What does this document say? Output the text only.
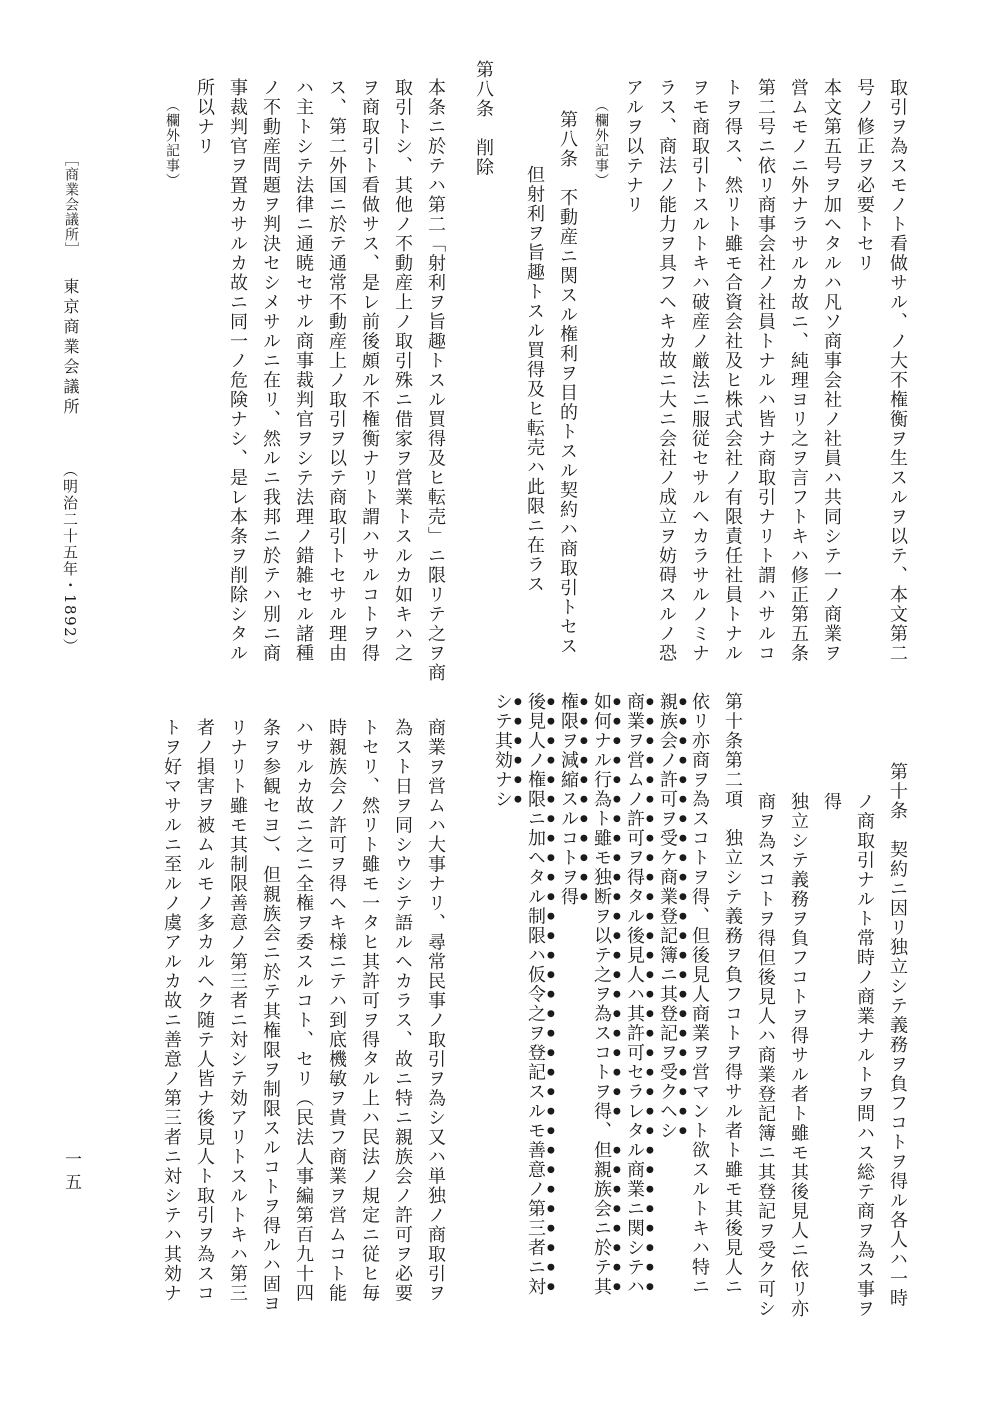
取引ヲ為スモノト看做サル、ノ大不権衡ヲ生スルヲ以テ、本文第二
号ノ修正ヲ必要トセリ
本文第五号ヲ加ヘタルハ凡ソ商事会社ノ社員ハ共同シテ一ノ商業ヲ
営ムモノニ外ナラサルカ故ニ、純理ヨリ之ヲ言フトキハ修正第五条
第二号ニ依リ商事会社ノ社員トナルハ皆ナ商取引ナリト謂ハサルコ
トヲ得ス、然リト雖モ合資会社及ヒ株式会社ノ有限責任社員トナル
ヲモ商取引トスルトキハ破産ノ厳法ニ服従セサルヘカラサルノミナ
ラス、商法ノ能力ヲ具フヘキカ故ニ大ニ会社ノ成立ヲ妨碍スルノ恐
アルヲ以テナリ
（欄外記事）
第八条　不動産ニ関スル権利ヲ目的トスル契約ハ商取引トセス
但射利ヲ旨趣トスル買得及ヒ転売ハ此限ニ在ラス
第八条　削除
本条ニ於テハ第二「射利ヲ旨趣トスル買得及ヒ転売」ニ限リテ之ヲ商
取引トシ、其他ノ不動産上ノ取引殊ニ借家ヲ営業トスルカ如キハ之
ヲ商取引ト看做サス、是レ前後頗ル不権衡ナリト謂ハサルコトヲ得
ス、第二外国ニ於テ通常不動産上ノ取引ヲ以テ商取引トセサル理由
ハ主トシテ法律ニ通暁セサル商事裁判官ヲシテ法理ノ錯雑セル諸種
ノ不動産問題ヲ判決セシメサルニ在リ、然ルニ我邦ニ於テハ別ニ商
事裁判官ヲ置カサルカ故ニ同一ノ危険ナシ、是レ本条ヲ削除シタル
所以ナリ
（欄外記事）
第十条　契約ニ因リ独立シテ義務ヲ負フコトヲ得ル各人ハ一時
ノ商取引ナルト常時ノ商業ナルトヲ問ハス総テ商ヲ為ス事ヲ
得
独立シテ義務ヲ負フコトヲ得サル者ト雖モ其後見人ニ依リ亦
商ヲ為スコトヲ得但後見人ハ商業登記簿ニ其登記ヲ受ク可シ
第十条第二項　独立シテ義務ヲ負フコトヲ得サル者ト雖モ其後見人ニ
依リ亦商ヲ為スコトヲ得、但後見人商業ヲ営マント欲スルトキハ特ニ
親族会ノ許可ヲ受ケ商業登記簿ニ其登記ヲ受クヘシ
商業ヲ営ムノ許可ヲ得タル後見人ハ其許可セラレタル商業ニ関シテハ
如何ナル行為ト雖モ独断ヲ以テ之ヲ為スコトヲ得、但親族会ニ於テ其
権限ヲ減縮スルコトヲ得
後見人ノ権限ニ加ヘタル制限ハ仮令之ヲ登記スルモ善意ノ第三者ニ対
シテ其効ナシ
商業ヲ営ムハ大事ナリ、尋常民事ノ取引ヲ為シ又ハ単独ノ商取引ヲ
為スト日ヲ同シウシテ語ルヘカラス、故ニ特ニ親族会ノ許可ヲ必要
トセリ、然リト雖モ一タヒ其許可ヲ得タル上ハ民法ノ規定ニ従ヒ毎
時親族会ノ許可ヲ得ヘキ様ニテハ到底機敏ヲ貴フ商業ヲ営ムコト能
ハサルカ故ニ之ニ全権ヲ委スルコト、セリ（民法人事編第百九十四
条ヲ参観セヨ）、但親族会ニ於テ其権限ヲ制限スルコトヲ得ルハ固ヨ
リナリト雖モ其制限善意ノ第三者ニ対シテ効アリトスルトキハ第三
者ノ損害ヲ被ムルモノ多カルヘク随テ人皆ナ後見人ト取引ヲ為スコ
トヲ好マサルニ至ルノ虞アルカ故ニ善意ノ第三者ニ対シテハ其効ナ
［商業会議所］
東京商業会議所
（明治二十五年・1892）
一五
